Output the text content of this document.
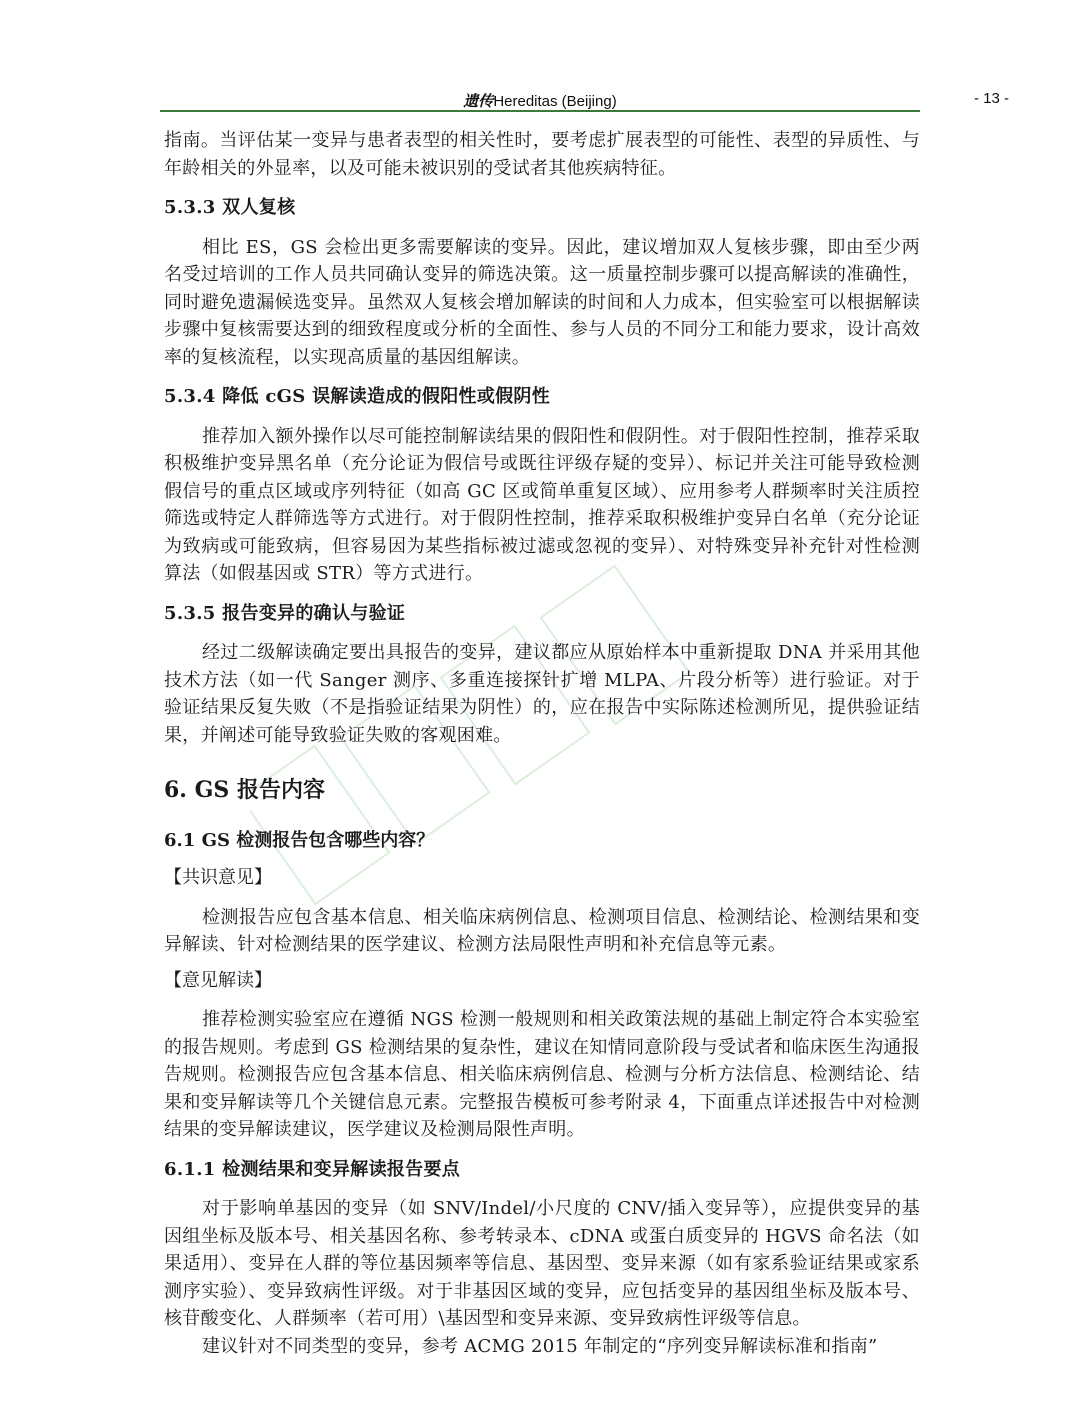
遗传Hereditas (Beijing)	- 13 -

指南。当评估某一变异与患者表型的相关性时，要考虑扩展表型的可能性、表型的异质性、与年龄相关的外显率，以及可能未被识别的受试者其他疾病特征。

5.3.3 双人复核

相比 ES，GS 会检出更多需要解读的变异。因此，建议增加双人复核步骤，即由至少两名受过培训的工作人员共同确认变异的筛选决策。这一质量控制步骤可以提高解读的准确性，同时避免遗漏候选变异。虽然双人复核会增加解读的时间和人力成本，但实验室可以根据解读步骤中复核需要达到的细致程度或分析的全面性、参与人员的不同分工和能力要求，设计高效率的复核流程，以实现高质量的基因组解读。

5.3.4 降低 cGS 误解读造成的假阳性或假阴性

推荐加入额外操作以尽可能控制解读结果的假阳性和假阴性。对于假阳性控制，推荐采取积极维护变异黑名单（充分论证为假信号或既往评级存疑的变异）、标记并关注可能导致检测假信号的重点区域或序列特征（如高 GC 区或简单重复区域）、应用参考人群频率时关注质控筛选或特定人群筛选等方式进行。对于假阴性控制，推荐采取积极维护变异白名单（充分论证为致病或可能致病，但容易因为某些指标被过滤或忽视的变异）、对特殊变异补充针对性检测算法（如假基因或 STR）等方式进行。

5.3.5 报告变异的确认与验证

经过二级解读确定要出具报告的变异，建议都应从原始样本中重新提取 DNA 并采用其他技术方法（如一代 Sanger 测序、多重连接探针扩增 MLPA、片段分析等）进行验证。对于验证结果反复失败（不是指验证结果为阴性）的，应在报告中实际陈述检测所见，提供验证结果，并阐述可能导致验证失败的客观困难。

6. GS 报告内容
6.1 GS 检测报告包含哪些内容？

【共识意见】

检测报告应包含基本信息、相关临床病例信息、检测项目信息、检测结论、检测结果和变异解读、针对检测结果的医学建议、检测方法局限性声明和补充信息等元素。

【意见解读】

推荐检测实验室应在遵循 NGS 检测一般规则和相关政策法规的基础上制定符合本实验室的报告规则。考虑到 GS 检测结果的复杂性，建议在知情同意阶段与受试者和临床医生沟通报告规则。检测报告应包含基本信息、相关临床病例信息、检测与分析方法信息、检测结论、结果和变异解读等几个关键信息元素。完整报告模板可参考附录 4，下面重点详述报告中对检测结果的变异解读建议，医学建议及检测局限性声明。

6.1.1 检测结果和变异解读报告要点

对于影响单基因的变异（如 SNV/Indel/小尺度的 CNV/插入变异等），应提供变异的基因组坐标及版本号、相关基因名称、参考转录本、cDNA 或蛋白质变异的 HGVS 命名法（如果适用）、变异在人群的等位基因频率等信息、基因型、变异来源（如有家系验证结果或家系测序实验）、变异致病性评级。对于非基因区域的变异，应包括变异的基因组坐标及版本号、核苷酸变化、人群频率（若可用）\基因型和变异来源、变异致病性评级等信息。

建议针对不同类型的变异，参考 ACMG 2015 年制定的“序列变异解读标准和指南”
